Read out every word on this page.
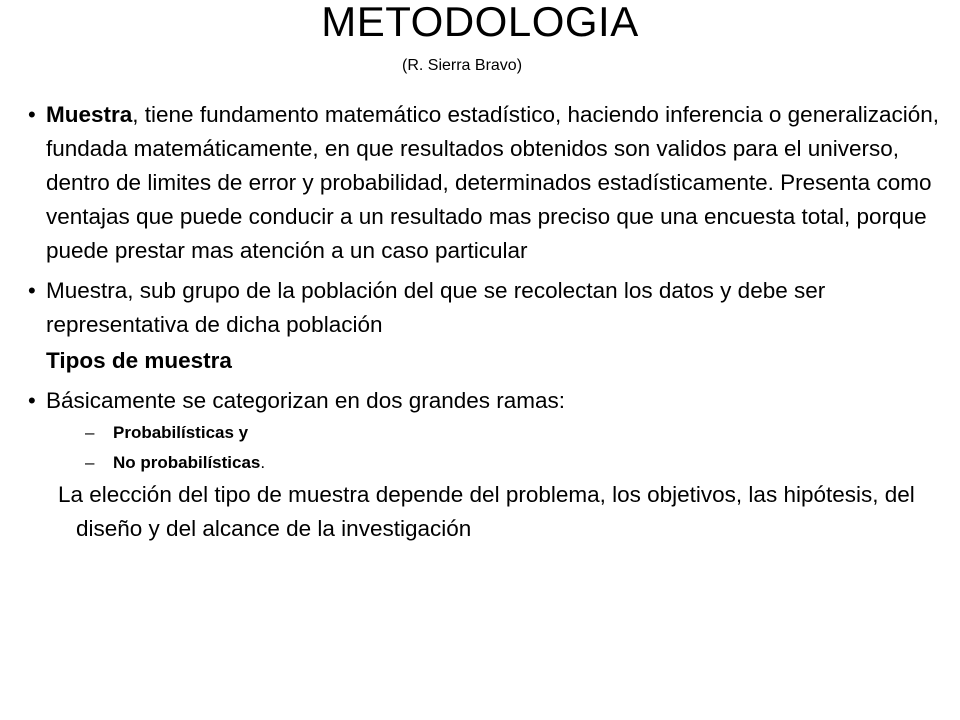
METODOLOGIA
(R. Sierra Bravo)
• Muestra, tiene fundamento matemático estadístico, haciendo inferencia o generalización, fundada matemáticamente, en que resultados obtenidos son validos para el universo, dentro de limites de error y probabilidad, determinados estadísticamente. Presenta como ventajas que puede conducir a un resultado mas preciso que una encuesta total, porque puede prestar mas atención a un caso particular

• Muestra, sub grupo de la población del que se recolectan los datos y debe ser representativa de dicha población

Tipos de muestra
• Básicamente se categorizan en dos grandes ramas:

– Probabilísticas y
– No probabilísticas.

La elección del tipo de muestra depende del problema, los objetivos, las hipótesis, del diseño y del alcance de la investigación
